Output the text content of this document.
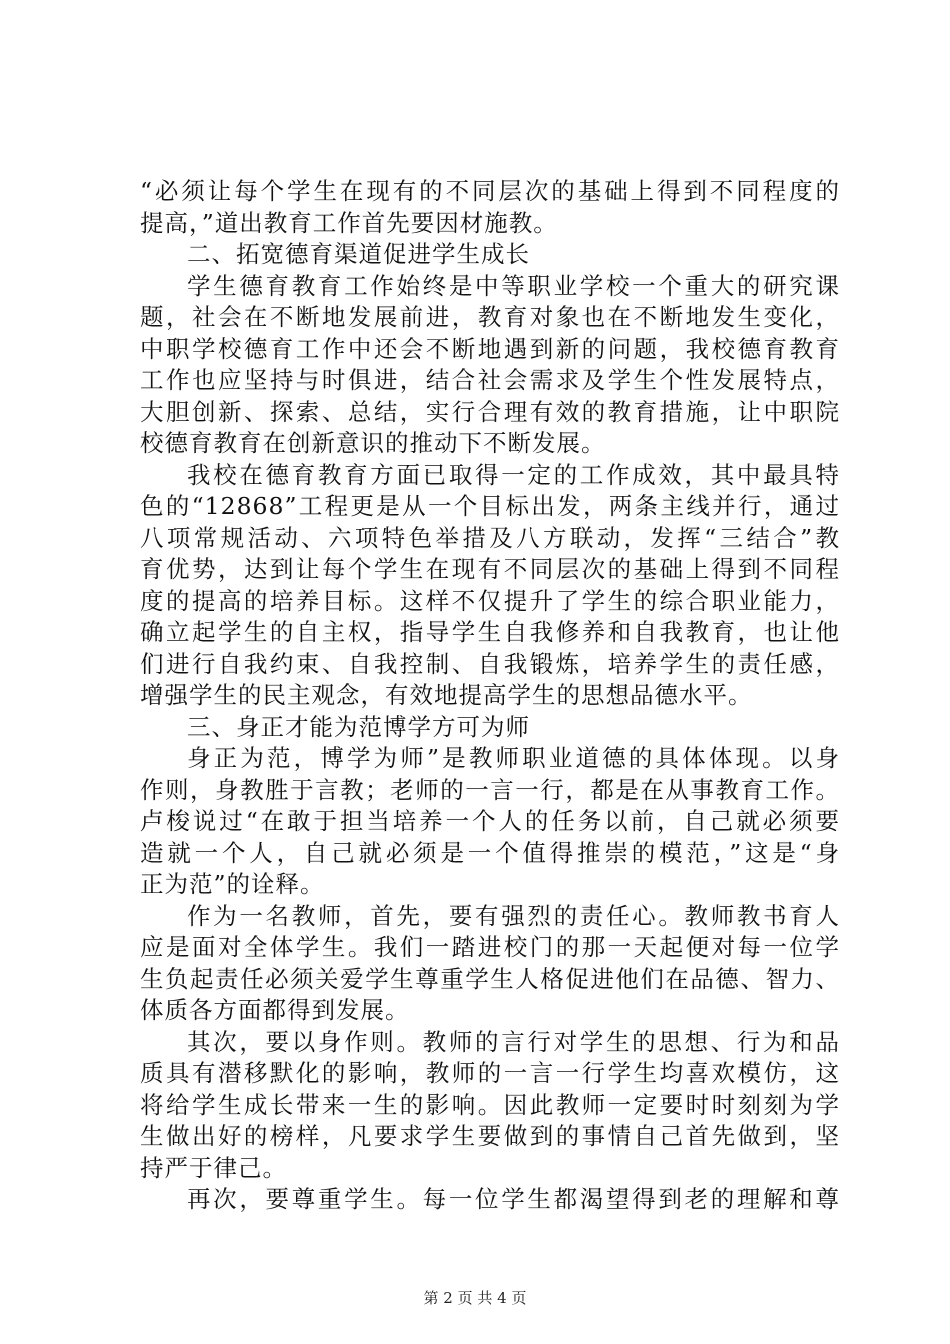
“必须让每个学生在现有的不同层次的基础上得到不同程度的
提高，”道出教育工作首先要因材施教。
二、拓宽德育渠道促进学生成长
学生德育教育工作始终是中等职业学校一个重大的研究课
题，社会在不断地发展前进，教育对象也在不断地发生变化，
中职学校德育工作中还会不断地遇到新的问题，我校德育教育
工作也应坚持与时俱进，结合社会需求及学生个性发展特点，
大胆创新、探索、总结，实行合理有效的教育措施，让中职院
校德育教育在创新意识的推动下不断发展。
我校在德育教育方面已取得一定的工作成效，其中最具特
色的“12868”工程更是从一个目标出发，两条主线并行，通过
八项常规活动、六项特色举措及八方联动，发挥“三结合”教
育优势，达到让每个学生在现有不同层次的基础上得到不同程
度的提高的培养目标。这样不仅提升了学生的综合职业能力，
确立起学生的自主权，指导学生自我修养和自我教育，也让他
们进行自我约束、自我控制、自我锻炼，培养学生的责任感，
增强学生的民主观念，有效地提高学生的思想品德水平。
三、身正才能为范博学方可为师
身正为范，博学为师”是教师职业道德的具体体现。以身
作则，身教胜于言教；老师的一言一行，都是在从事教育工作。
卢梭说过“在敢于担当培养一个人的任务以前，自己就必须要
造就一个人，自己就必须是一个值得推崇的模范，”这是“身
正为范”的诠释。
作为一名教师，首先，要有强烈的责任心。教师教书育人
应是面对全体学生。我们一踏进校门的那一天起便对每一位学
生负起责任必须关爱学生尊重学生人格促进他们在品德、智力、
体质各方面都得到发展。
其次，要以身作则。教师的言行对学生的思想、行为和品
质具有潜移默化的影响，教师的一言一行学生均喜欢模仿，这
将给学生成长带来一生的影响。因此教师一定要时时刻刻为学
生做出好的榜样，凡要求学生要做到的事情自己首先做到，坚
持严于律己。
再次，要尊重学生。每一位学生都渴望得到老的理解和尊
第 2 页 共 4 页
